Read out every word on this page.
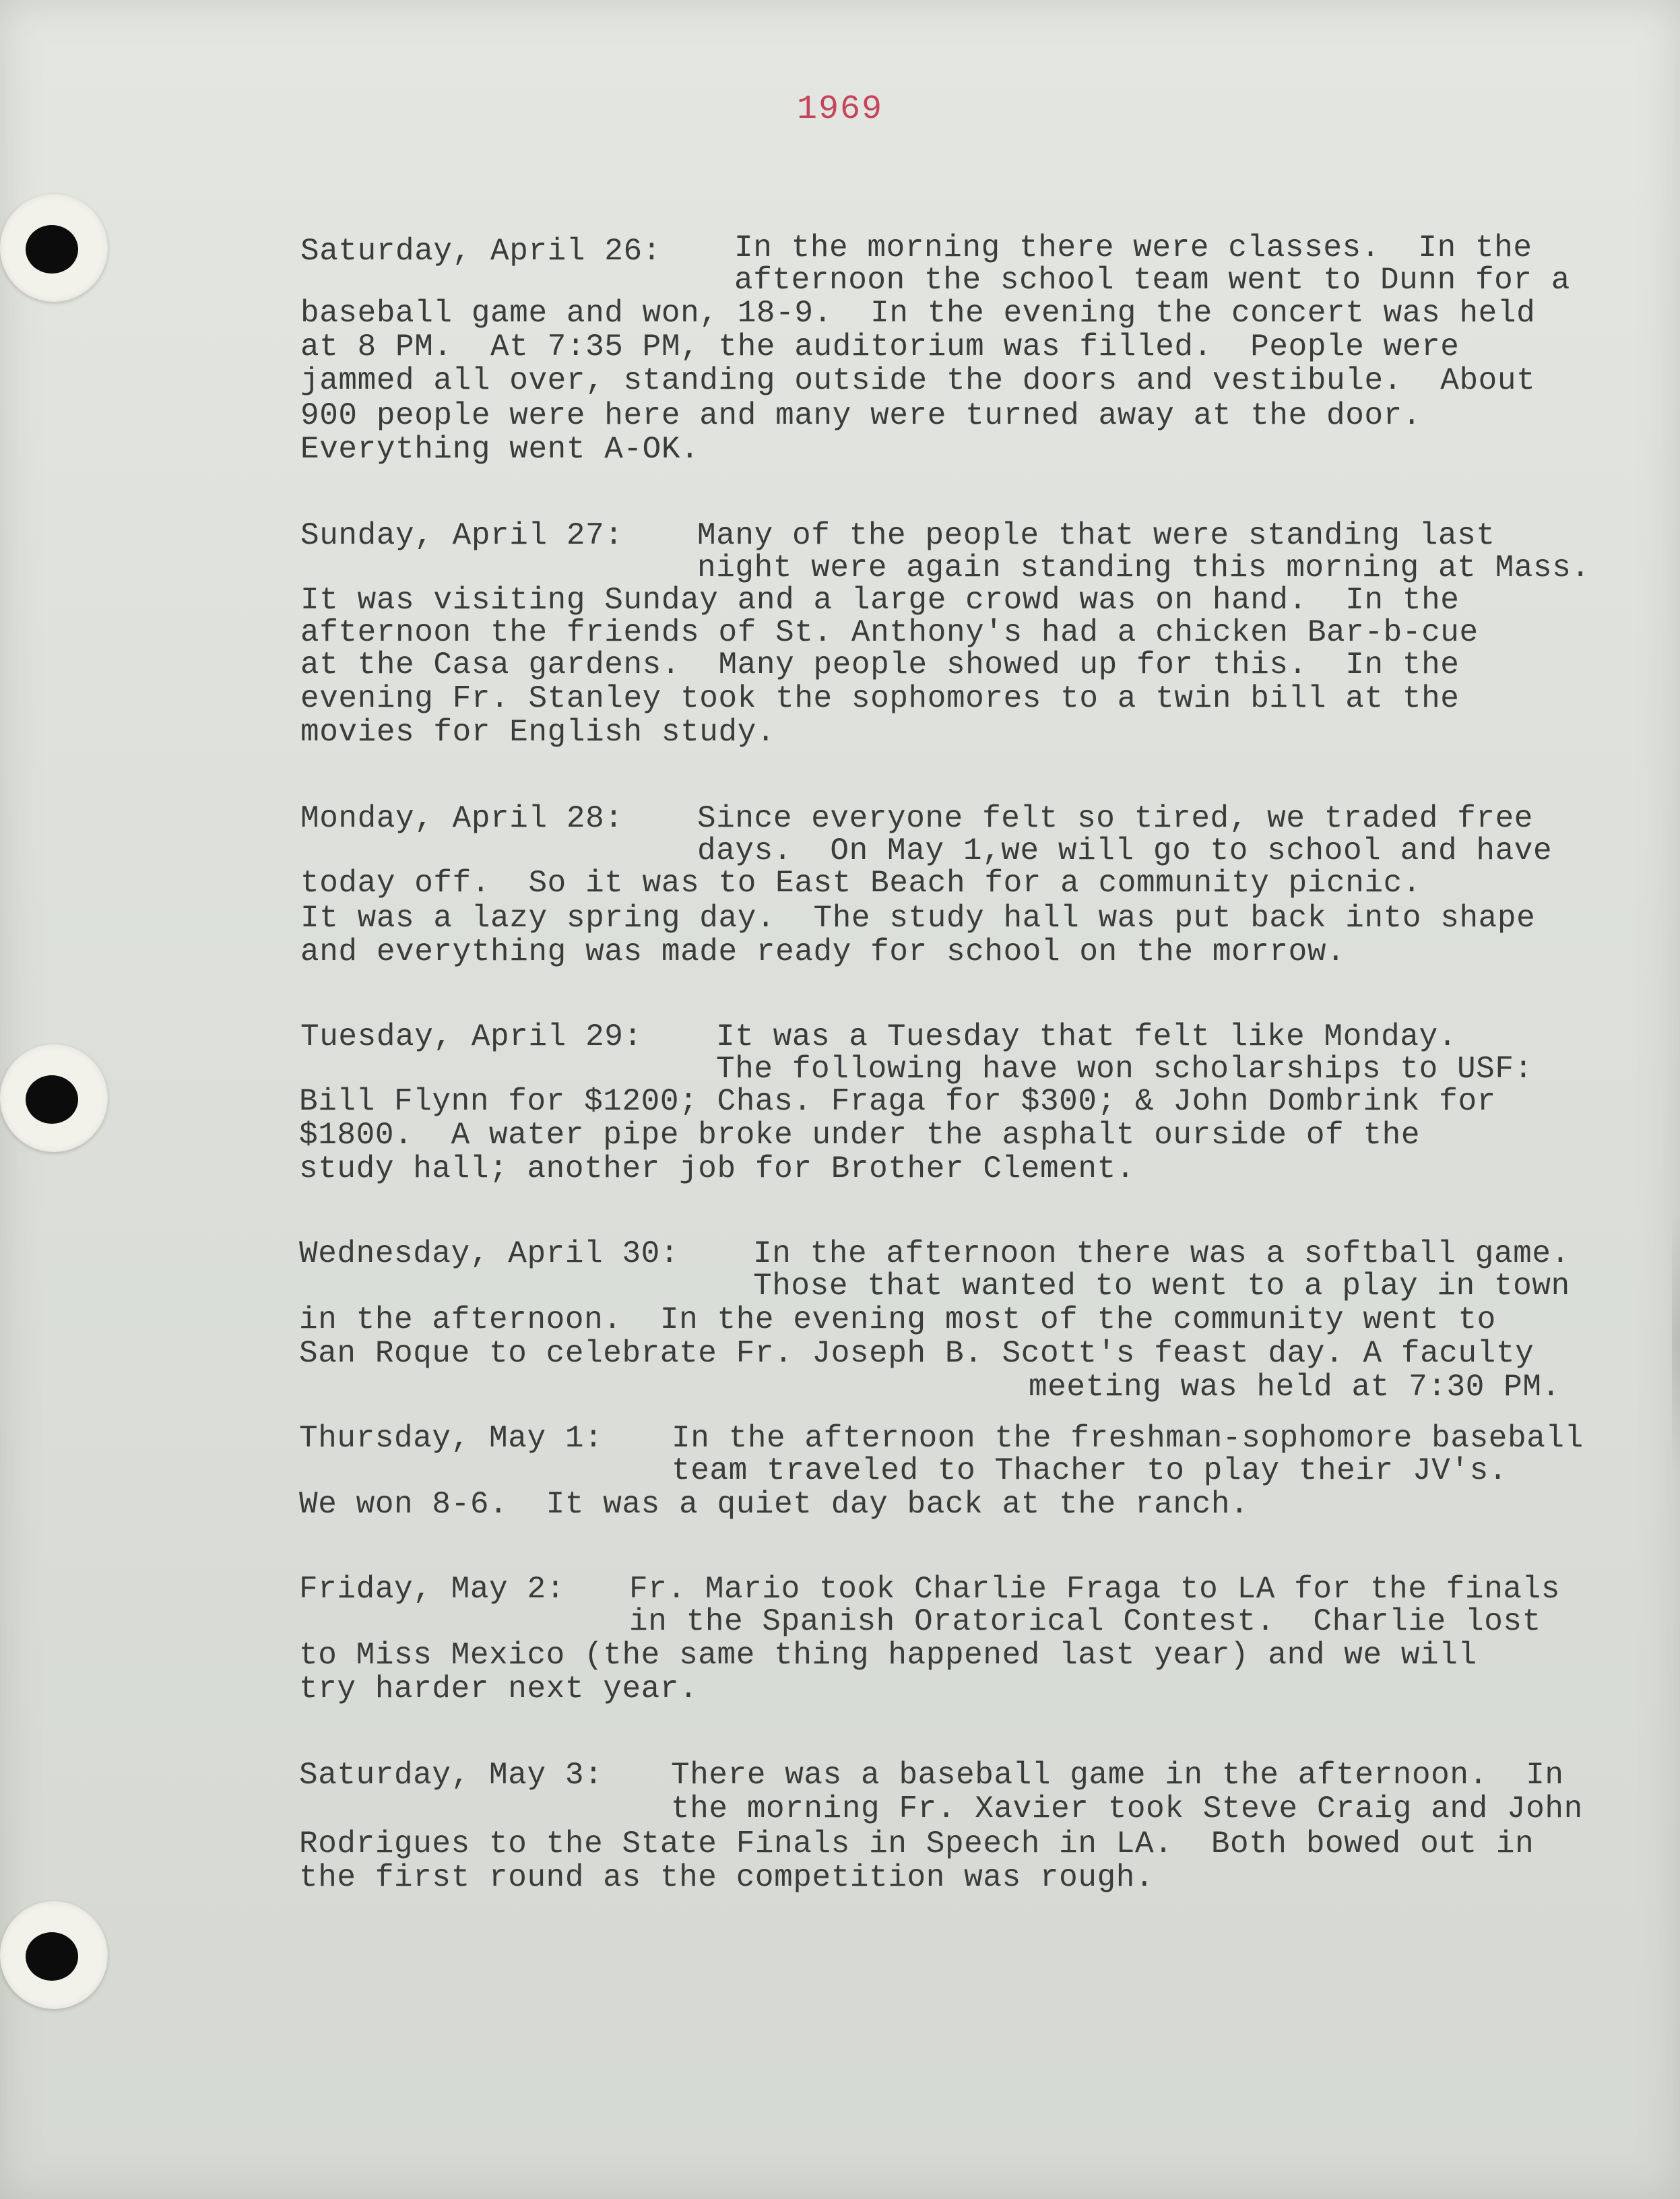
1969
Saturday, April 26: In the morning there were classes.  In the
afternoon the school team went to Dunn for a
baseball game and won, 18-9.  In the evening the concert was held
at 8 PM.  At 7:35 PM, the auditorium was filled.  People were
jammed all over, standing outside the doors and vestibule.  About
900 people were here and many were turned away at the door.
Everything went A-OK.
Sunday, April 27: Many of the people that were standing last
night were again standing this morning at Mass.
It was visiting Sunday and a large crowd was on hand.  In the
afternoon the friends of St. Anthony's had a chicken Bar-b-cue
at the Casa gardens.  Many people showed up for this.  In the
evening Fr. Stanley took the sophomores to a twin bill at the
movies for English study.
Monday, April 28: Since everyone felt so tired, we traded free
days.  On May 1,we will go to school and have
today off.  So it was to East Beach for a community picnic.
It was a lazy spring day.  The study hall was put back into shape
and everything was made ready for school on the morrow.
Tuesday, April 29: It was a Tuesday that felt like Monday.
The following have won scholarships to USF:
Bill Flynn for $1200; Chas. Fraga for $300; & John Dombrink for
$1800.  A water pipe broke under the asphalt ourside of the
study hall; another job for Brother Clement.
Wednesday, April 30: In the afternoon there was a softball game.
Those that wanted to went to a play in town
in the afternoon.  In the evening most of the community went to
San Roque to celebrate Fr. Joseph B. Scott's feast day. A faculty
meeting was held at 7:30 PM.
Thursday, May 1: In the afternoon the freshman-sophomore baseball
team traveled to Thacher to play their JV's.
We won 8-6.  It was a quiet day back at the ranch.
Friday, May 2: Fr. Mario took Charlie Fraga to LA for the finals
in the Spanish Oratorical Contest.  Charlie lost
to Miss Mexico (the same thing happened last year) and we will
try harder next year.
Saturday, May 3: There was a baseball game in the afternoon.  In
the morning Fr. Xavier took Steve Craig and John
Rodrigues to the State Finals in Speech in LA.  Both bowed out in
the first round as the competition was rough.
